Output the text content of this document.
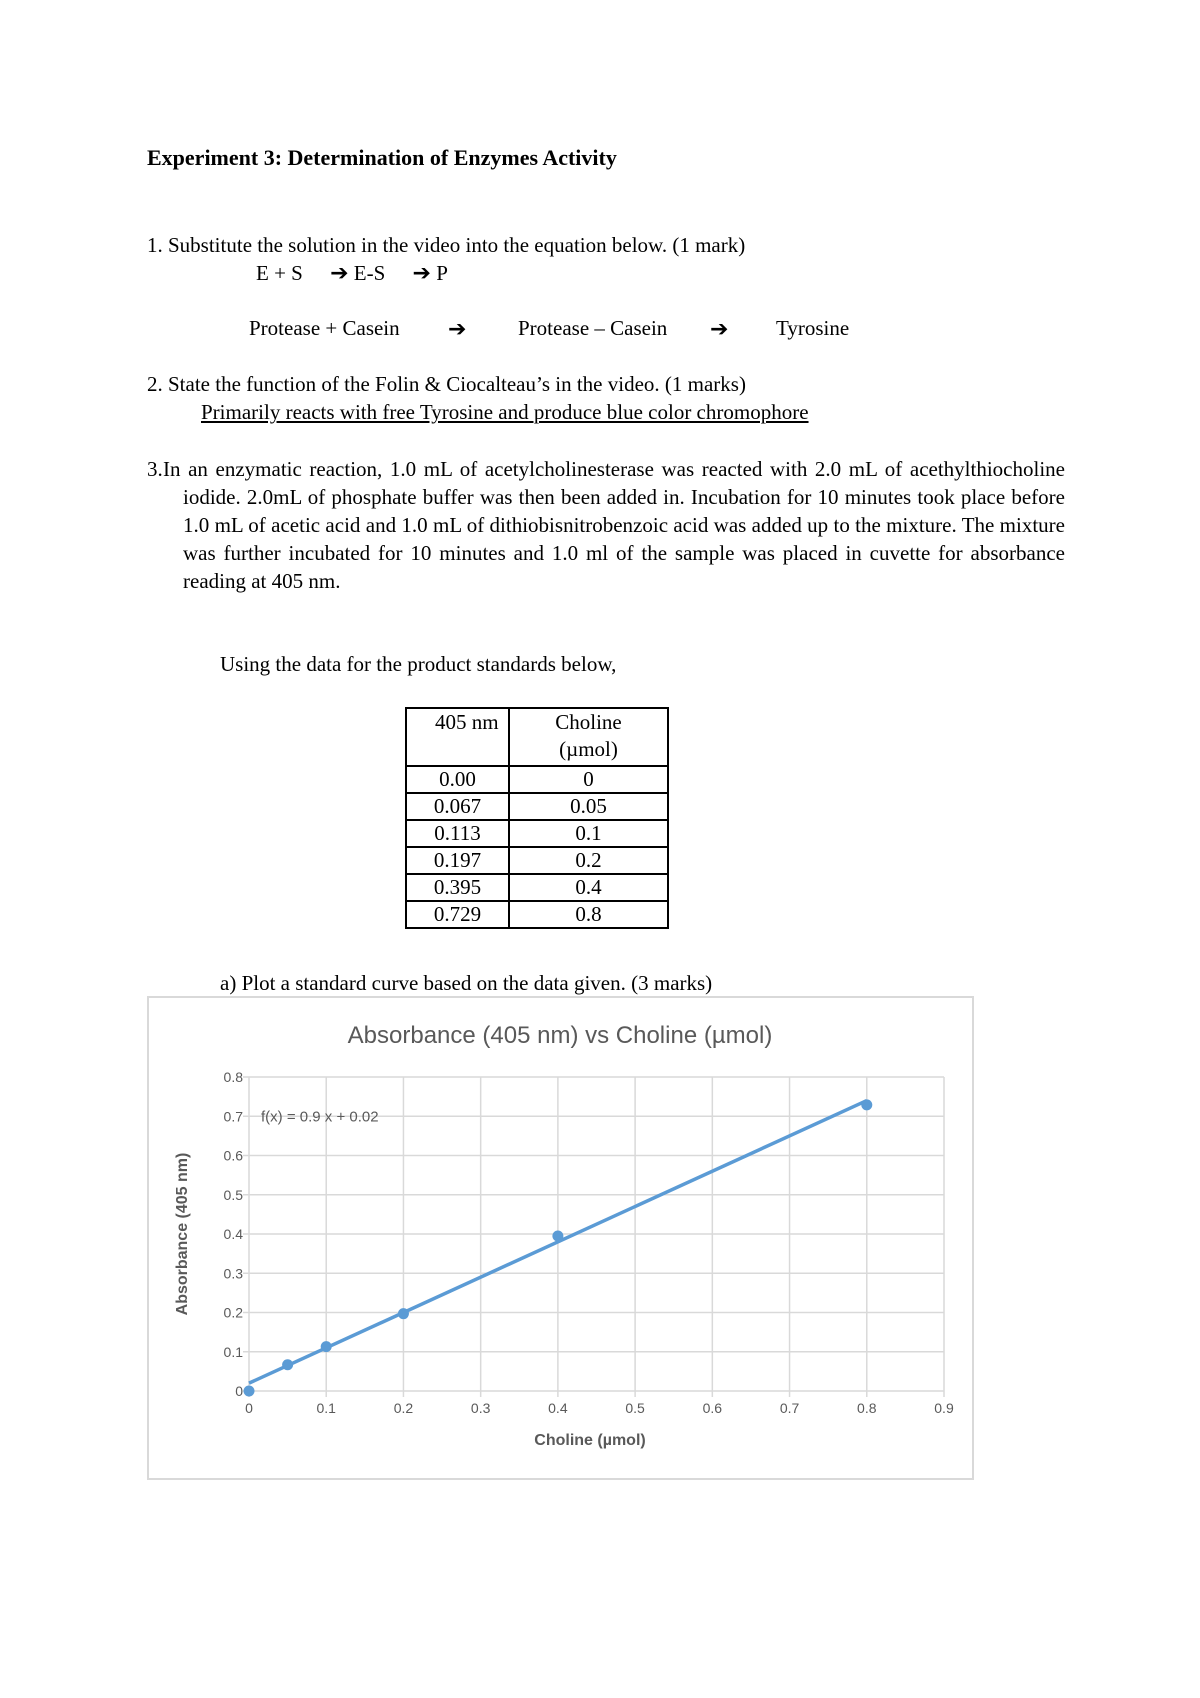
Experiment 3: Determination of Enzymes Activity
1. Substitute the solution in the video into the equation below. (1 mark)
E + S ➔ E-S ➔ P
Protease + Casein ➔ Protease – Casein ➔ Tyrosine
2. State the function of the Folin & Ciocalteau’s in the video. (1 marks)
Primarily reacts with free Tyrosine and produce blue color chromophore
3. In an enzymatic reaction, 1.0 mL of acetylcholinesterase was reacted with 2.0 mL of acethylthiocholine iodide. 2.0mL of phosphate buffer was then been added in. Incubation for 10 minutes took place before 1.0 mL of acetic acid and 1.0 mL of dithiobisnitrobenzoic acid was added up to the mixture. The mixture was further incubated for 10 minutes and 1.0 ml of the sample was placed in cuvette for absorbance reading at 405 nm.
Using the data for the product standards below,
405 nm	Choline
(µmol)
0.00	0
0.067	0.05
0.113	0.1
0.197	0.2
0.395	0.4
0.729	0.8
a) Plot a standard curve based on the data given. (3 marks)
Absorbance (405 nm) vs Choline (µmol)
0
0.1
0.2
0.3
0.4
0.5
0.6
0.7
0.8
0	0.1	0.2	0.3	0.4	0.5	0.6	0.7	0.8	0.9
f(x) = 0.9 x + 0.02
Choline (µmol)
Absorbance (405 nm)
